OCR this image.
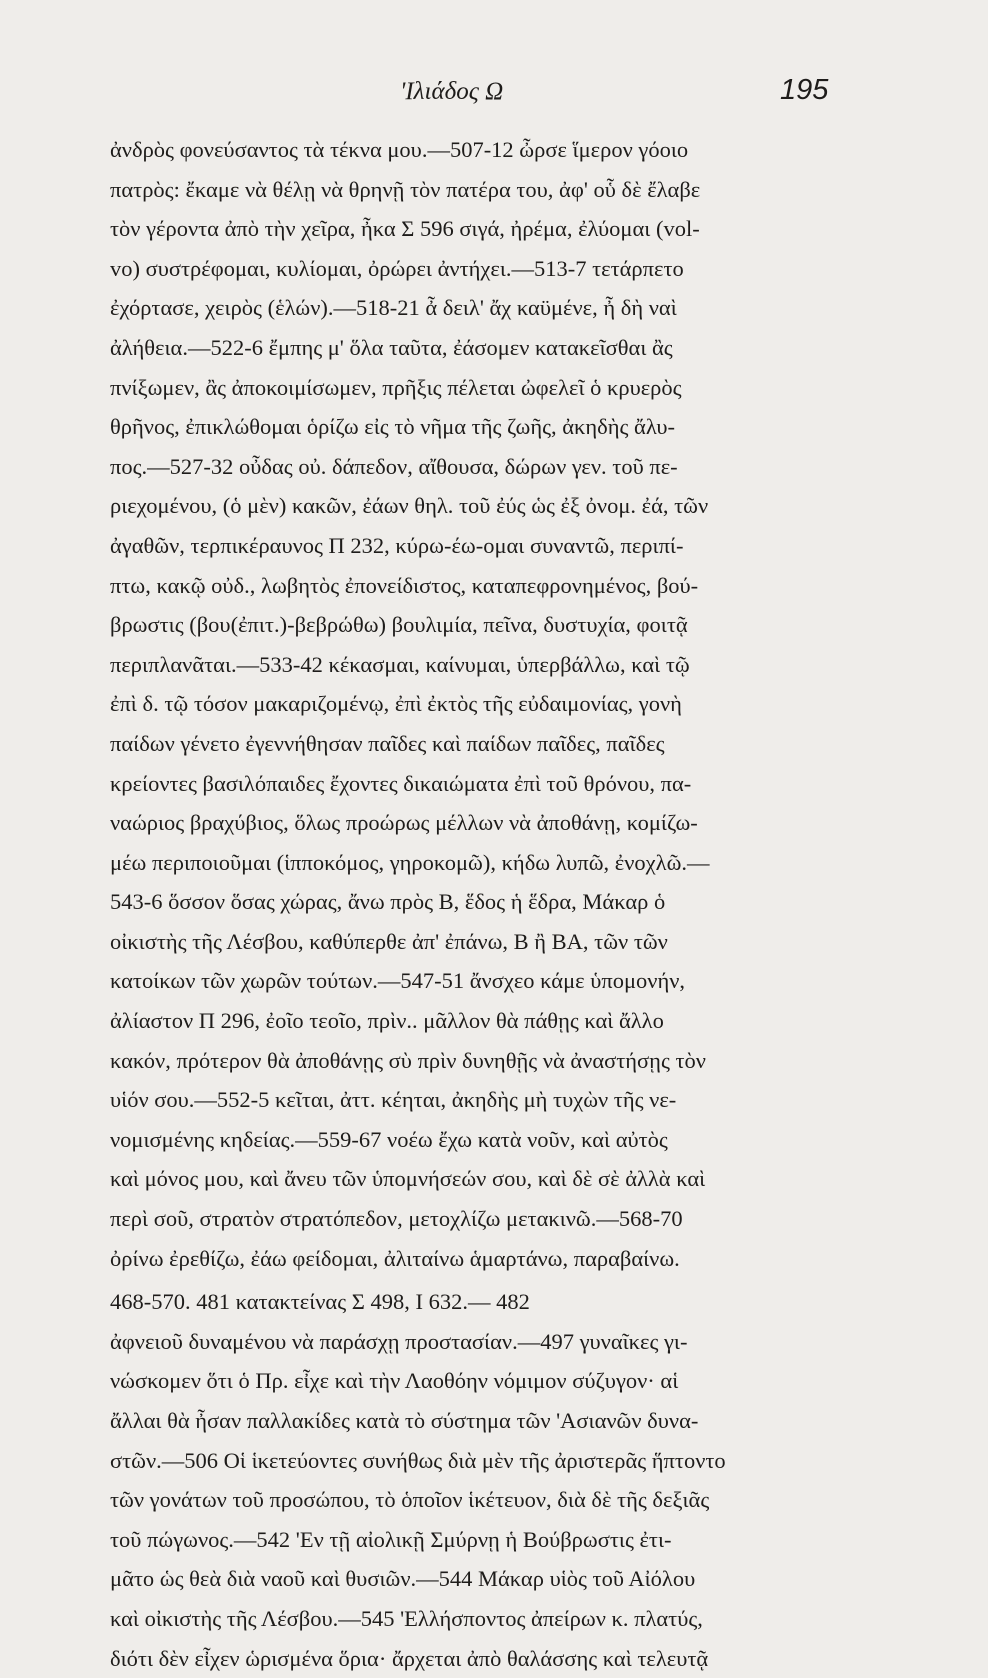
'Ιλιάδος Ω	195
ἀνδρὸς φονεύσαντος τὰ τέκνα μου.—507-12 ὦρσε ἵμερον γόοιο
πατρὸς: ἔκαμε νὰ θέλῃ νὰ θρηνῇ τὸν πατέρα του, ἀφ' οὗ δὲ ἔλαβε
τὸν γέροντα ἀπὸ τὴν χεῖρα, ἦκα Σ 596 σιγά, ἠρέμα, ἐλύομαι (vol-
vo) συστρέφομαι, κυλίομαι, ὀρώρει ἀντήχει.—513-7 τετάρπετο
ἐχόρτασε, χειρὸς (ἑλών).—518-21 ἆ δειλ' ἄχ καϋμένε, ἦ δὴ ναὶ
ἀλήθεια.—522-6 ἔμπης μ' ὅλα ταῦτα, ἐάσομεν κατακεῖσθαι ἂς
πνίξωμεν, ἂς ἀποκοιμίσωμεν, πρῆξις πέλεται ὠφελεῖ ὁ κρυερὸς
θρῆνος, ἐπικλώθομαι ὁρίζω εἰς τὸ νῆμα τῆς ζωῆς, ἀκηδὴς ἄλυ-
πος.—527-32 οὖδας οὐ. δάπεδον, αἴθουσα, δώρων γεν. τοῦ πε-
ριεχομένου, (ὁ μὲν) κακῶν, ἐάων θηλ. τοῦ ἐύς ὡς ἐξ ὀνομ. ἐά, τῶν
ἀγαθῶν, τερπικέραυνος Π 232, κύρω-έω-ομαι συναντῶ, περιπί-
πτω, κακῷ οὐδ., λωβητὸς ἐπονείδιστος, καταπεφρονημένος, βού-
βρωστις (βου(ἐπιτ.)-βεβρώθω) βουλιμία, πεῖνα, δυστυχία, φοιτᾷ
περιπλανᾶται.—533-42 κέκασμαι, καίνυμαι, ὑπερβάλλω, καὶ τῷ
ἐπὶ δ. τῷ τόσον μακαριζομένῳ, ἐπὶ ἐκτὸς τῆς εὐδαιμονίας, γονὴ
παίδων γένετο ἐγεννήθησαν παῖδες καὶ παίδων παῖδες, παῖδες
κρείοντες βασιλόπαιδες ἔχοντες δικαιώματα ἐπὶ τοῦ θρόνου, πα-
ναώριος βραχύβιος, ὅλως προώρως μέλλων νὰ ἀποθάνῃ, κομίζω-
μέω περιποιοῦμαι (ἱπποκόμος, γηροκομῶ), κήδω λυπῶ, ἐνοχλῶ.—
543-6 ὅσσον ὅσας χώρας, ἄνω πρὸς Β, ἕδος ἡ ἕδρα, Μάκαρ ὁ
οἰκιστὴς τῆς Λέσβου, καθύπερθε ἀπ' ἐπάνω, Β ἢ ΒΑ, τῶν τῶν
κατοίκων τῶν χωρῶν τούτων.—547-51 ἄνσχεο κάμε ὑπομονήν,
ἀλίαστον Π 296, ἐοῖο τεοῖο, πρὶν.. μᾶλλον θὰ πάθῃς καὶ ἄλλο
κακόν, πρότερον θὰ ἀποθάνῃς σὺ πρὶν δυνηθῇς νὰ ἀναστήσῃς τὸν
υἱόν σου.—552-5 κεῖται, ἀττ. κέηται, ἀκηδὴς μὴ τυχὼν τῆς νε-
νομισμένης κηδείας.—559-67 νοέω ἔχω κατὰ νοῦν, καὶ αὐτὸς
καὶ μόνος μου, καὶ ἄνευ τῶν ὑπομνήσεών σου, καὶ δὲ σὲ ἀλλὰ καὶ
περὶ σοῦ, στρατὸν στρατόπεδον, μετοχλίζω μετακινῶ.—568-70
ὀρίνω ἐρεθίζω, ἐάω φείδομαι, ἀλιταίνω ἁμαρτάνω, παραβαίνω.
468-570. 481 κατακτείνας Σ 498, Ι 632.— 482
ἀφνειοῦ δυναμένου νὰ παράσχῃ προστασίαν.—497 γυναῖκες γι-
νώσκομεν ὅτι ὁ Πρ. εἶχε καὶ τὴν Λαοθόην νόμιμον σύζυγον· αἱ
ἄλλαι θὰ ἦσαν παλλακίδες κατὰ τὸ σύστημα τῶν 'Ασιανῶν δυνα-
στῶν.—506 Οἱ ἱκετεύοντες συνήθως διὰ μὲν τῆς ἀριστερᾶς ἥπτοντο
τῶν γονάτων τοῦ προσώπου, τὸ ὁποῖον ἱκέτευον, διὰ δὲ τῆς δεξιᾶς
τοῦ πώγωνος.—542 'Εν τῇ αἰολικῇ Σμύρνῃ ἡ Βούβρωστις ἐτι-
μᾶτο ὡς θεὰ διὰ ναοῦ καὶ θυσιῶν.—544 Μάκαρ υἱὸς τοῦ Αἰόλου
καὶ οἰκιστὴς τῆς Λέσβου.—545 'Ελλήσποντος ἀπείρων κ. πλατύς,
διότι δὲν εἶχεν ὡρισμένα ὅρια· ἄρχεται ἀπὸ θαλάσσης καὶ τελευτᾷ
